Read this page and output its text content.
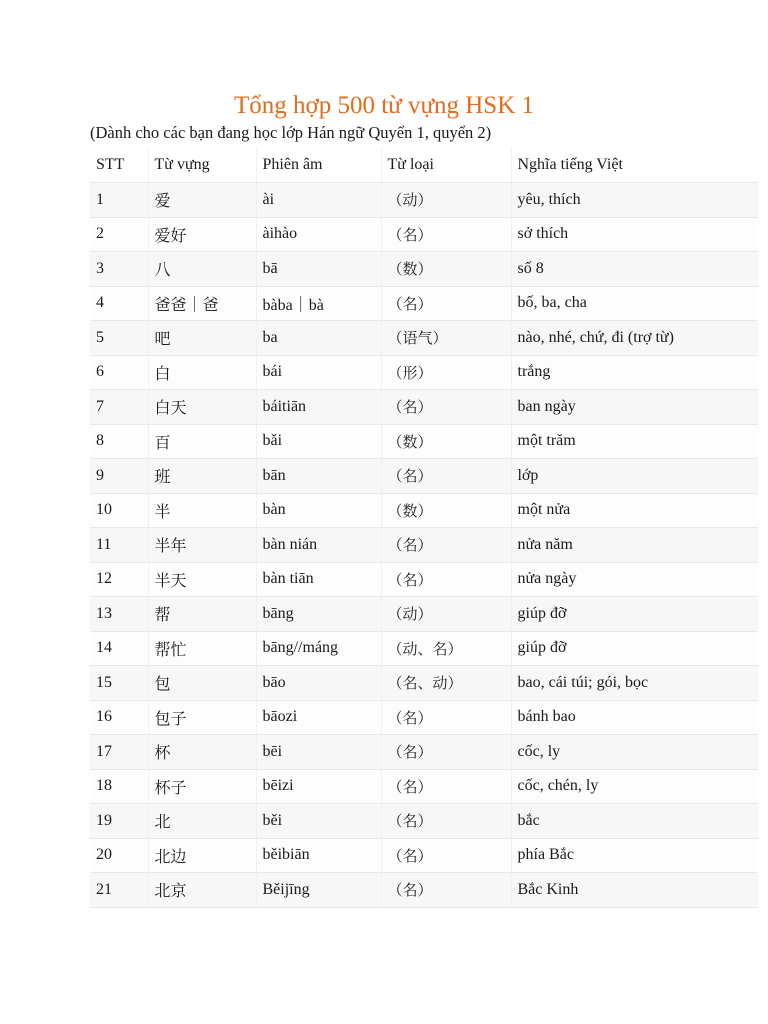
Tổng hợp 500 từ vựng HSK 1

(Dành cho các bạn đang học lớp Hán ngữ Quyển 1, quyển 2)

STT	Từ vựng	Phiên âm	Từ loại	Nghĩa tiếng Việt
1	爱	ài	（动）	yêu, thích
2	爱好	àihào	（名）	sở thích
3	八	bā	（数）	số 8
4	爸爸｜爸	bàba｜bà	（名）	bố, ba, cha
5	吧	ba	（语气）	nào, nhé, chứ, đi (trợ từ)
6	白	bái	（形）	trắng
7	白天	báitiān	（名）	ban ngày
8	百	bǎi	（数）	một trăm
9	班	bān	（名）	lớp
10	半	bàn	（数）	một nửa
11	半年	bàn nián	（名）	nửa năm
12	半天	bàn tiān	（名）	nửa ngày
13	帮	bāng	（动）	giúp đỡ
14	帮忙	bāng//máng	（动、名）	giúp đỡ
15	包	bāo	（名、动）	bao, cái túi; gói, bọc
16	包子	bāozi	（名）	bánh bao
17	杯	bēi	（名）	cốc, ly
18	杯子	bēizi	（名）	cốc, chén, ly
19	北	běi	（名）	bắc
20	北边	běibiān	（名）	phía Bắc
21	北京	Běijīng	（名）	Bắc Kinh
